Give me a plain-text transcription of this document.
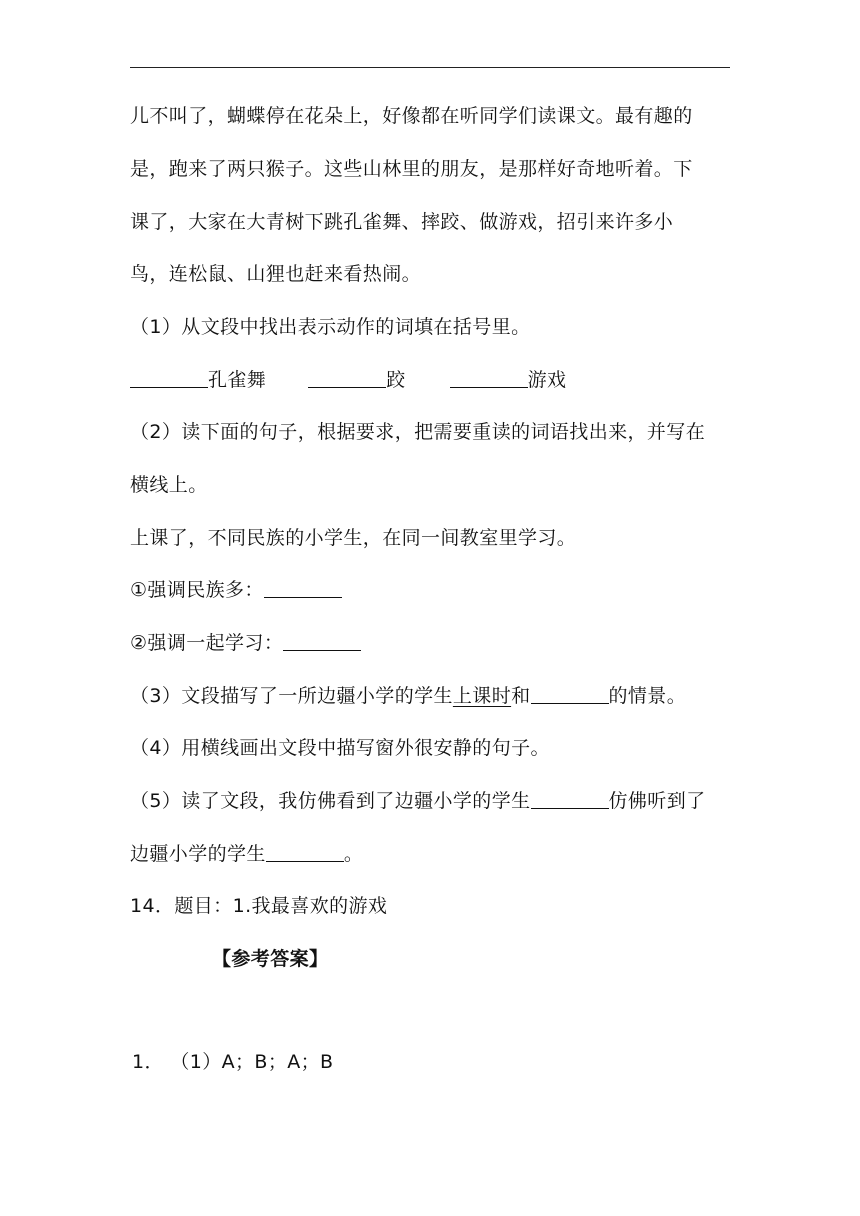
儿不叫了，蝴蝶停在花朵上，好像都在听同学们读课文。最有趣的
是，跑来了两只猴子。这些山林里的朋友，是那样好奇地听着。下
课了，大家在大青树下跳孔雀舞、摔跤、做游戏，招引来许多小
鸟，连松鼠、山狸也赶来看热闹。
（1）从文段中找出表示动作的词填在括号里。
孔雀舞	跤	游戏
（2）读下面的句子，根据要求，把需要重读的词语找出来，并写在
横线上。
上课了，不同民族的小学生，在同一间教室里学习。
①强调民族多：
②强调一起学习：
（3）文段描写了一所边疆小学的学生上课时和	的情景。
（4）用横线画出文段中描写窗外很安静的句子。
（5）读了文段，我仿佛看到了边疆小学的学生	仿佛听到了
边疆小学的学生	。
14．题目：1.我最喜欢的游戏
【参考答案】
1． （1）A；B；A；B
